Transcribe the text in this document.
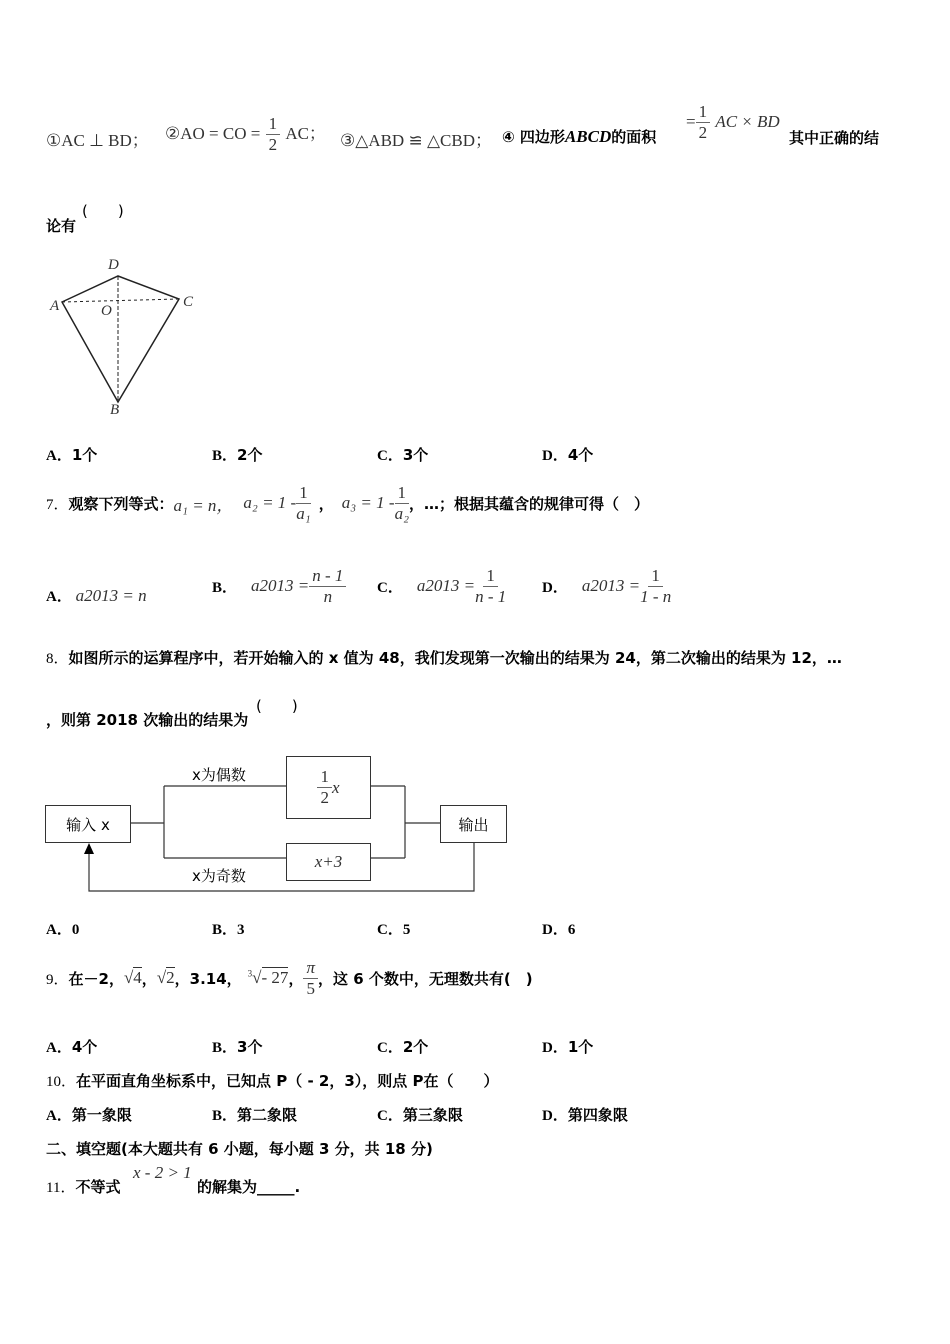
①AC ⊥ BD； ②AO = CO = $\frac{1}{2}$ AC； ③△ABD ≌ △CBD； ④ 四边形ABCD的面积
= $\frac{1}{2}$ AC × BD
其中正确的结
论有
(　　)
A
D
C
B
O
A．1个	B．2个	C．3个	D．4个
7． 观察下列等式： a₁ = n， $a_2 = 1 - \frac{1}{\text{a₁}}$ ， $a_3 = 1 - \frac{1}{\text{a₂}}$ ，…；根据其蕴含的规律可得（　）
A． a2013 = n	B． $a2013 = \frac{n - 1}{n}$ C． $a2013 = \frac{1}{n - 1}$ D． $a2013 = \frac{1}{1 - n}$
8．如图所示的运算程序中，若开始输入的 x 值为 48，我们发现第一次输出的结果为 24，第二次输出的结果为 12，…
，则第 2018 次输出的结果为
(　　)
输入 x
$\frac{1}{2}$ x
x+3
输出
x为偶数
x为奇数
A．0	B．3	C．5	D．6
9． 在－2， √4 ， √2 ，3.14， $^3$√- 27 ， $\frac{\pi}{5}$ ，这 6 个数中，无理数共有(　)
A．4个	B．3个	C．2个	D．1个
10．在平面直角坐标系中，已知点 P（ - 2，3），则点 P在（　　）
A．第一象限	B．第二象限	C．第三象限	D．第四象限
二、填空题(本大题共有 6 小题，每小题 3 分，共 18 分)
11．不等式
x - 2 > 1
的解集为_____.
